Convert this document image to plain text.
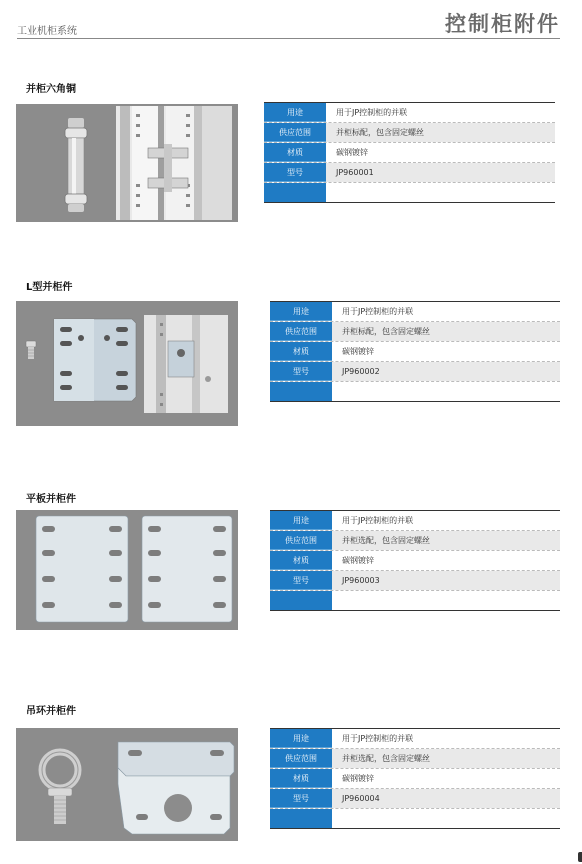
工业机柜系统	控制柜附件
并柜六角铜
用途	用于JP控制柜的并联
供应范围	并柜标配，包含固定螺丝
材质	碳钢镀锌
型号	JP960001
L型并柜件
用途	用于JP控制柜的并联
供应范围	并柜标配，包含固定螺丝
材质	碳钢镀锌
型号	JP960002
平板并柜件
用途	用于JP控制柜的并联
供应范围	并柜选配，包含固定螺丝
材质	碳钢镀锌
型号	JP960003
吊环并柜件
用途	用于JP控制柜的并联
供应范围	并柜选配，包含固定螺丝
材质	碳钢镀锌
型号	JP960004
